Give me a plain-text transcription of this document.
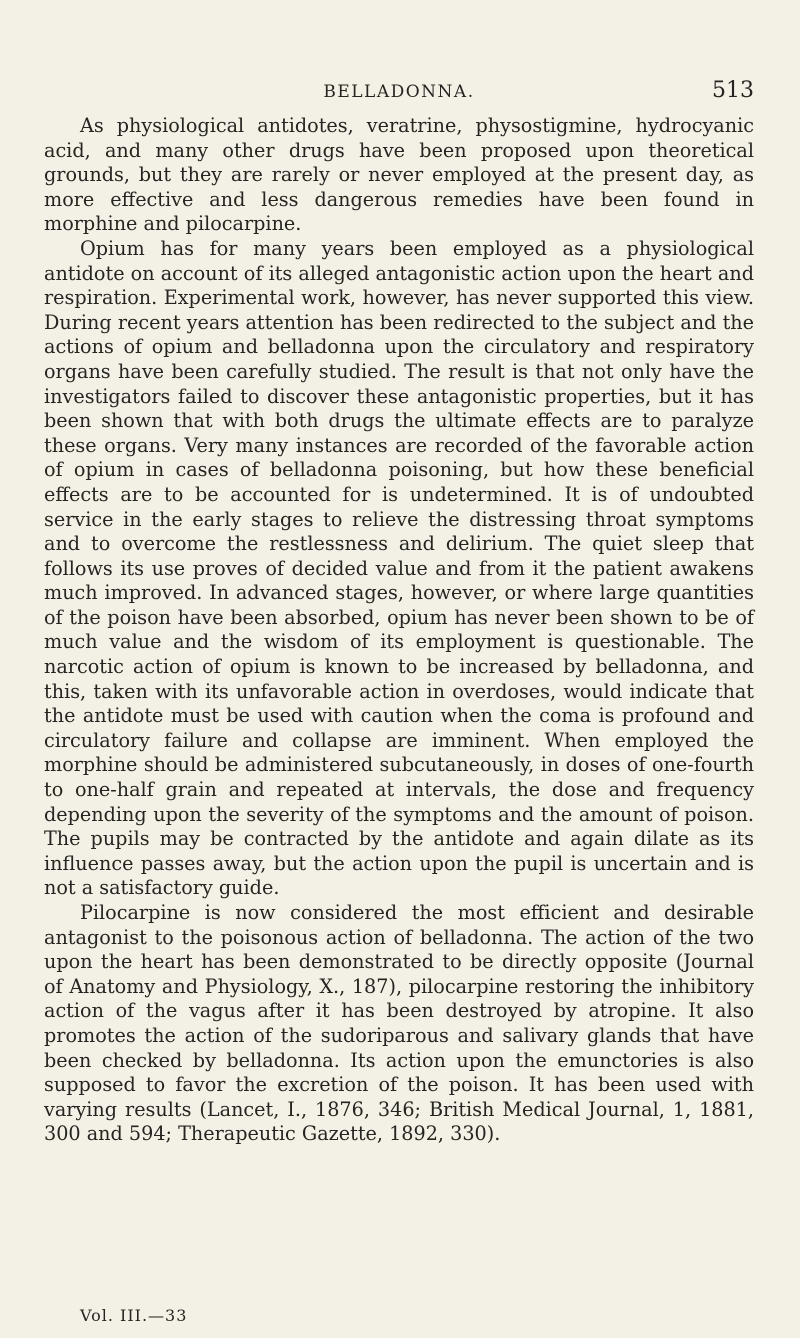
BELLADONNA.	513

As physiological antidotes, veratrine, physostigmine, hydrocyanic acid, and many other drugs have been proposed upon theoretical grounds, but they are rarely or never employed at the present day, as more effective and less dangerous remedies have been found in morphine and pilocarpine.

Opium has for many years been employed as a physiological antidote on account of its alleged antagonistic action upon the heart and respiration. Experimental work, however, has never supported this view. During recent years attention has been redirected to the subject and the actions of opium and belladonna upon the circulatory and respiratory organs have been carefully studied. The result is that not only have the investigators failed to discover these antagonistic properties, but it has been shown that with both drugs the ultimate effects are to paralyze these organs. Very many instances are recorded of the favorable action of opium in cases of belladonna poisoning, but how these beneficial effects are to be accounted for is undetermined. It is of undoubted service in the early stages to relieve the distressing throat symptoms and to overcome the restlessness and delirium. The quiet sleep that follows its use proves of decided value and from it the patient awakens much improved. In advanced stages, however, or where large quantities of the poison have been absorbed, opium has never been shown to be of much value and the wisdom of its employment is questionable. The narcotic action of opium is known to be increased by belladonna, and this, taken with its unfavorable action in overdoses, would indicate that the antidote must be used with caution when the coma is profound and circulatory failure and collapse are imminent. When employed the morphine should be administered subcutaneously, in doses of one-fourth to one-half grain and repeated at intervals, the dose and frequency depending upon the severity of the symptoms and the amount of poison. The pupils may be contracted by the antidote and again dilate as its influence passes away, but the action upon the pupil is uncertain and is not a satisfactory guide.

Pilocarpine is now considered the most efficient and desirable antagonist to the poisonous action of belladonna. The action of the two upon the heart has been demonstrated to be directly opposite (Journal of Anatomy and Physiology, X., 187), pilocarpine restoring the inhibitory action of the vagus after it has been destroyed by atropine. It also promotes the action of the sudoriparous and salivary glands that have been checked by belladonna. Its action upon the emunctories is also supposed to favor the excretion of the poison. It has been used with varying results (Lancet, I., 1876, 346; British Medical Journal, 1, 1881, 300 and 594; Therapeutic Gazette, 1892, 330).

Vol. III.—33
